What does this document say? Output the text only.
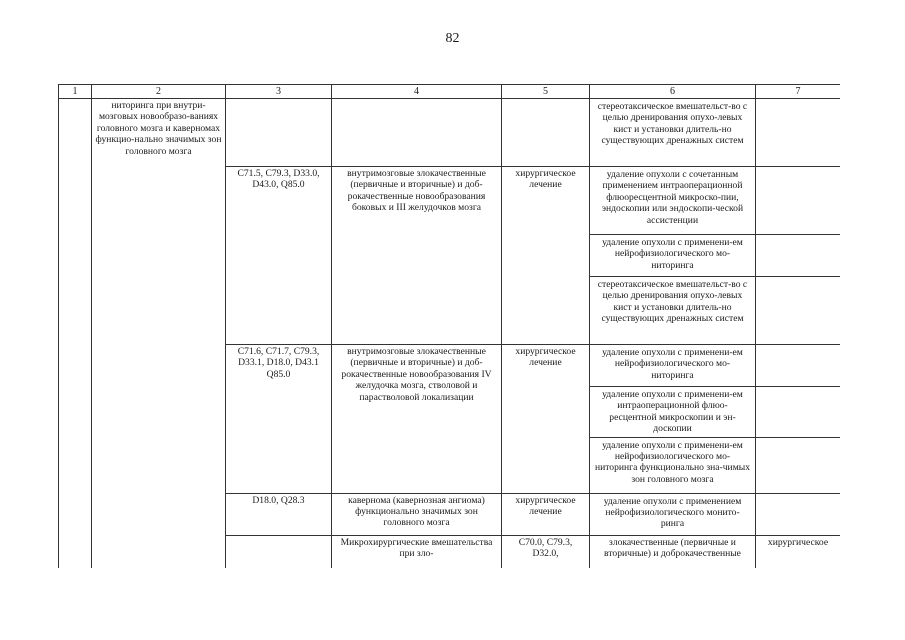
82
1	2	3	4	5	6	7	
	ниторинга при внутри-мозговых новообразо-ваниях головного мозга и каверномах функцио-нально значимых зон головного мозга				стереотаксическое вмешательст-во с целью дренирования опухо-левых кист и установки длитель-но существующих дренажных систем		
		C71.5, C79.3, D33.0, D43.0, Q85.0	внутримозговые злокачественные (первичные и вторичные) и доб-рокачественные новообразования боковых и III желудочков мозга	хирургическое лечение	удаление опухоли с сочетанным применением интраоперационной флюоресцентной микроско-пии, эндоскопии или эндоскопи-ческой ассистенции		
					удаление опухоли с применени-ем нейрофизиологического мо-ниторинга		
					стереотаксическое вмешательст-во с целью дренирования опухо-левых кист и установки длитель-но существующих дренажных систем		
		C71.6, C71.7, C79.3, D33.1, D18.0, D43.1 Q85.0	внутримозговые злокачественные (первичные и вторичные) и доб-рокачественные новообразования IV желудочка мозга, стволовой и парастволовой локализации	хирургическое лечение	удаление опухоли с применени-ем нейрофизиологического мо-ниторинга		
					удаление опухоли с применени-ем интраоперационной флюо-ресцентной микроскопии и эн-доскопии		
					удаление опухоли с применени-ем нейрофизиологического мо-ниторинга функционально зна-чимых зон головного мозга		
		D18.0, Q28.3	кавернома (кавернозная ангиома) функционально значимых зон головного мозга	хирургическое лечение	удаление опухоли с применением нейрофизиологического монито-ринга		
			Микрохирургические вмешательства при зло-	C70.0, C79.3, D32.0,	злокачественные (первичные и вторичные) и доброкачественные	хирургическое		
